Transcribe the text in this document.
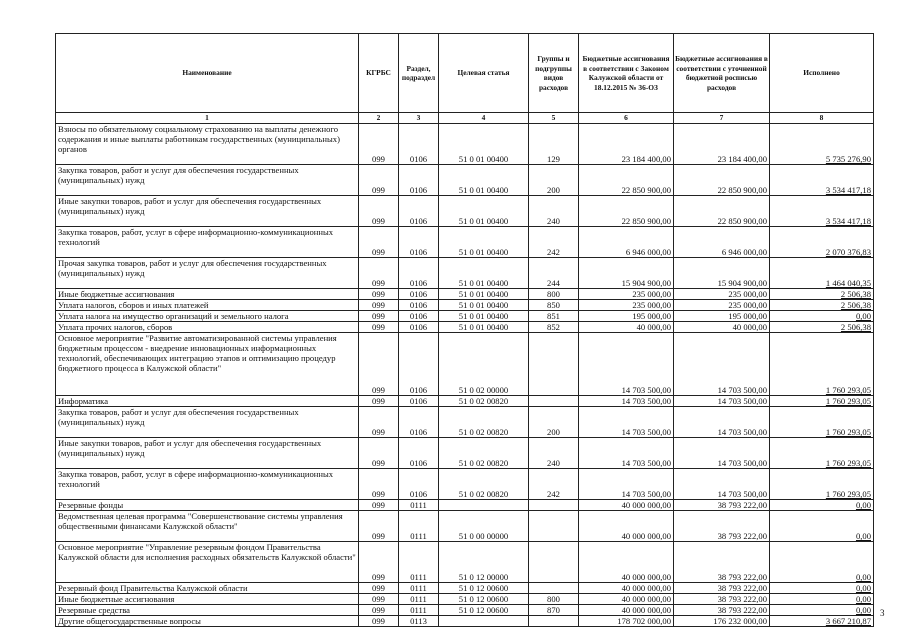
Наименование	КГРБС	Раздел, подраздел	Целевая статья	Группы и подгруппы видов расходов	Бюджетные ассигнования в соответствии с Законом Калужской области от 18.12.2015 № 36-ОЗ	Бюджетные ассигнования в соответствии с уточненной бюджетной росписью расходов	Исполнено
1	2	3	4	5	6	7	8
Взносы по обязательному социальному страхованию на выплаты денежного содержания и иные выплаты работникам государственных (муниципальных) органов	099	0106	51 0 01 00400	129	23 184 400,00	23 184 400,00	5 735 276,90
Закупка товаров, работ и услуг для обеспечения государственных (муниципальных) нужд	099	0106	51 0 01 00400	200	22 850 900,00	22 850 900,00	3 534 417,18
Иные закупки товаров, работ и услуг для обеспечения государственных (муниципальных) нужд	099	0106	51 0 01 00400	240	22 850 900,00	22 850 900,00	3 534 417,18
Закупка товаров, работ, услуг в сфере информационно-коммуникационных технологий	099	0106	51 0 01 00400	242	6 946 000,00	6 946 000,00	2 070 376,83
Прочая закупка товаров, работ и услуг для обеспечения государственных (муниципальных) нужд	099	0106	51 0 01 00400	244	15 904 900,00	15 904 900,00	1 464 040,35
Иные бюджетные ассигнования	099	0106	51 0 01 00400	800	235 000,00	235 000,00	2 506,38
Уплата налогов, сборов и иных платежей	099	0106	51 0 01 00400	850	235 000,00	235 000,00	2 506,38
Уплата налога на имущество организаций и земельного налога	099	0106	51 0 01 00400	851	195 000,00	195 000,00	0,00
Уплата прочих налогов, сборов	099	0106	51 0 01 00400	852	40 000,00	40 000,00	2 506,38
Основное мероприятие "Развитие автоматизированной системы управления бюджетным процессом - внедрение инновационных информационных технологий, обеспечивающих интеграцию этапов и оптимизацию процедур бюджетного процесса в Калужской области"	099	0106	51 0 02 00000		14 703 500,00	14 703 500,00	1 760 293,05
Информатика	099	0106	51 0 02 00820		14 703 500,00	14 703 500,00	1 760 293,05
Закупка товаров, работ и услуг для обеспечения государственных (муниципальных) нужд	099	0106	51 0 02 00820	200	14 703 500,00	14 703 500,00	1 760 293,05
Иные закупки товаров, работ и услуг для обеспечения государственных (муниципальных) нужд	099	0106	51 0 02 00820	240	14 703 500,00	14 703 500,00	1 760 293,05
Закупка товаров, работ, услуг в сфере информационно-коммуникационных технологий	099	0106	51 0 02 00820	242	14 703 500,00	14 703 500,00	1 760 293,05
Резервные фонды	099	0111			40 000 000,00	38 793 222,00	0,00
Ведомственная целевая программа "Совершенствование системы управления общественными финансами Калужской области"	099	0111	51 0 00 00000		40 000 000,00	38 793 222,00	0,00
Основное мероприятие "Управление резервным фондом Правительства Калужской области для исполнения расходных обязательств Калужской области"	099	0111	51 0 12 00000		40 000 000,00	38 793 222,00	0,00
Резервный фонд Правительства Калужской области	099	0111	51 0 12 00600		40 000 000,00	38 793 222,00	0,00
Иные бюджетные ассигнования	099	0111	51 0 12 00600	800	40 000 000,00	38 793 222,00	0,00
Резервные средства	099	0111	51 0 12 00600	870	40 000 000,00	38 793 222,00	0,00
Другие общегосударственные вопросы	099	0113			178 702 000,00	176 232 000,00	3 667 210,87
3
